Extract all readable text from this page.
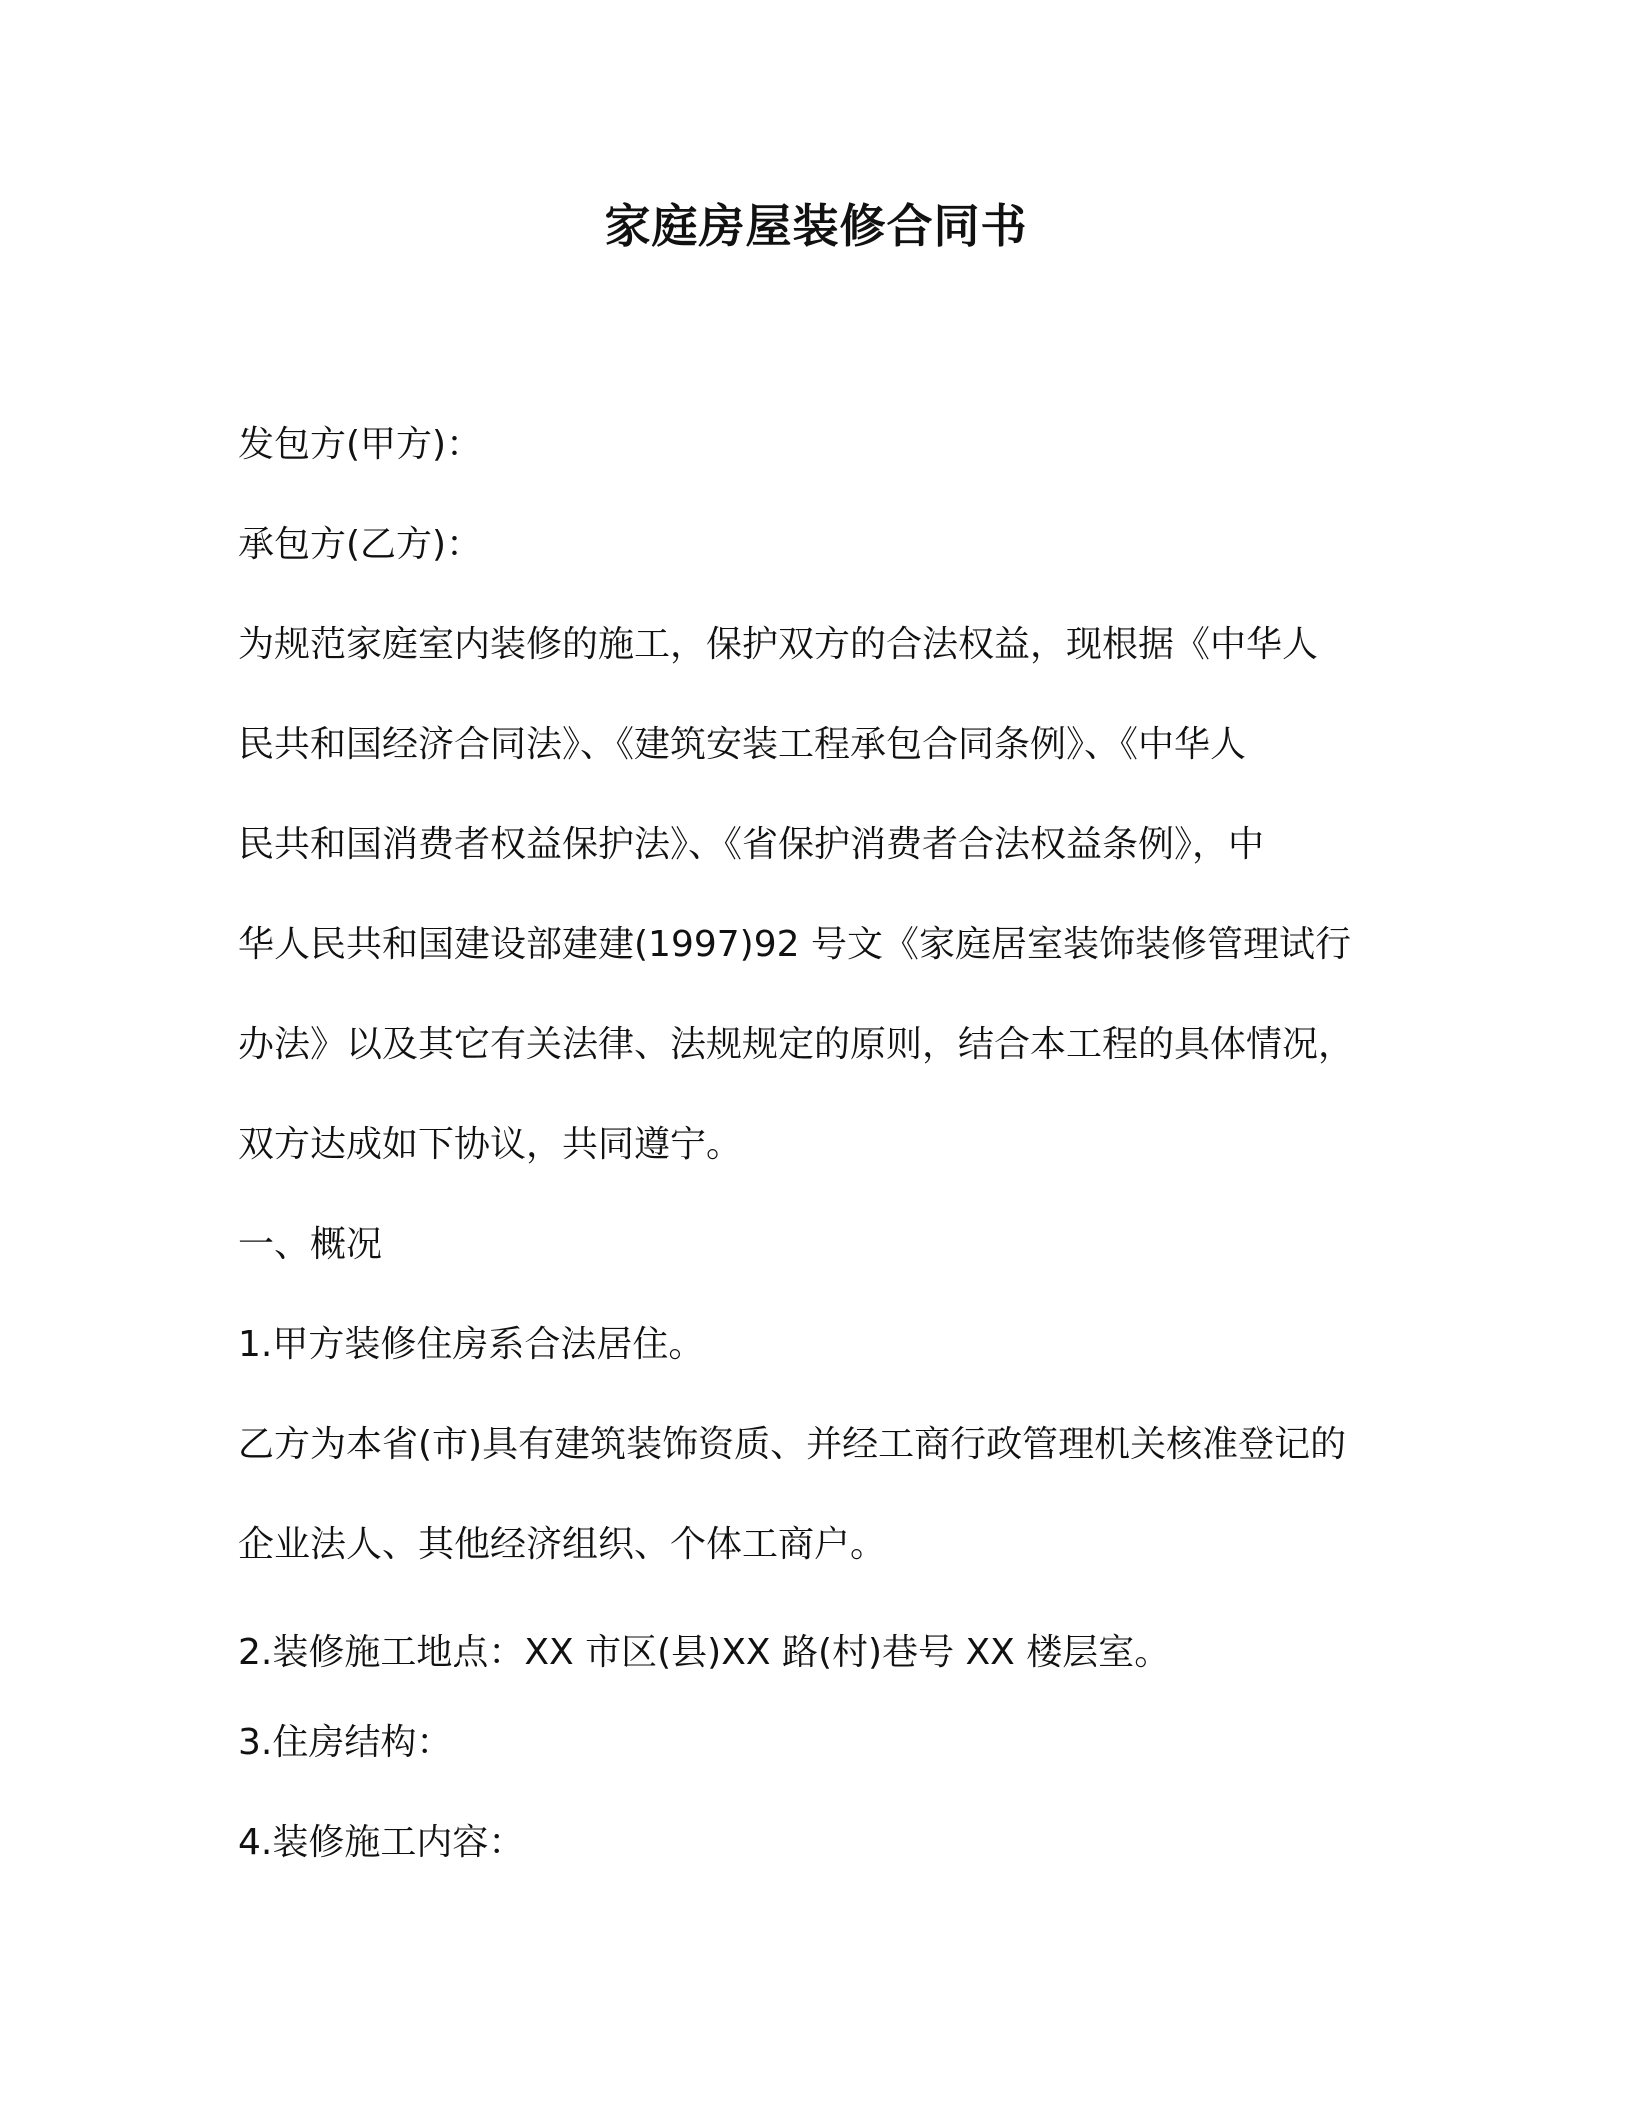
家庭房屋装修合同书

发包方(甲方)：

承包方(乙方)：

为规范家庭室内装修的施工，保护双方的合法权益，现根据《中华人

民共和国经济合同法》、《建筑安装工程承包合同条例》、《中华人

民共和国消费者权益保护法》、《省保护消费者合法权益条例》，中

华人民共和国建设部建建(1997)92 号文《家庭居室装饰装修管理试行

办法》以及其它有关法律、法规规定的原则，结合本工程的具体情况，

双方达成如下协议，共同遵宁。

一、概况

1.甲方装修住房系合法居住。

乙方为本省(市)具有建筑装饰资质、并经工商行政管理机关核准登记的

企业法人、其他经济组织、个体工商户。

2.装修施工地点：XX 市区(县)XX 路(村)巷号 XX 楼层室。

3.住房结构：

4.装修施工内容：
